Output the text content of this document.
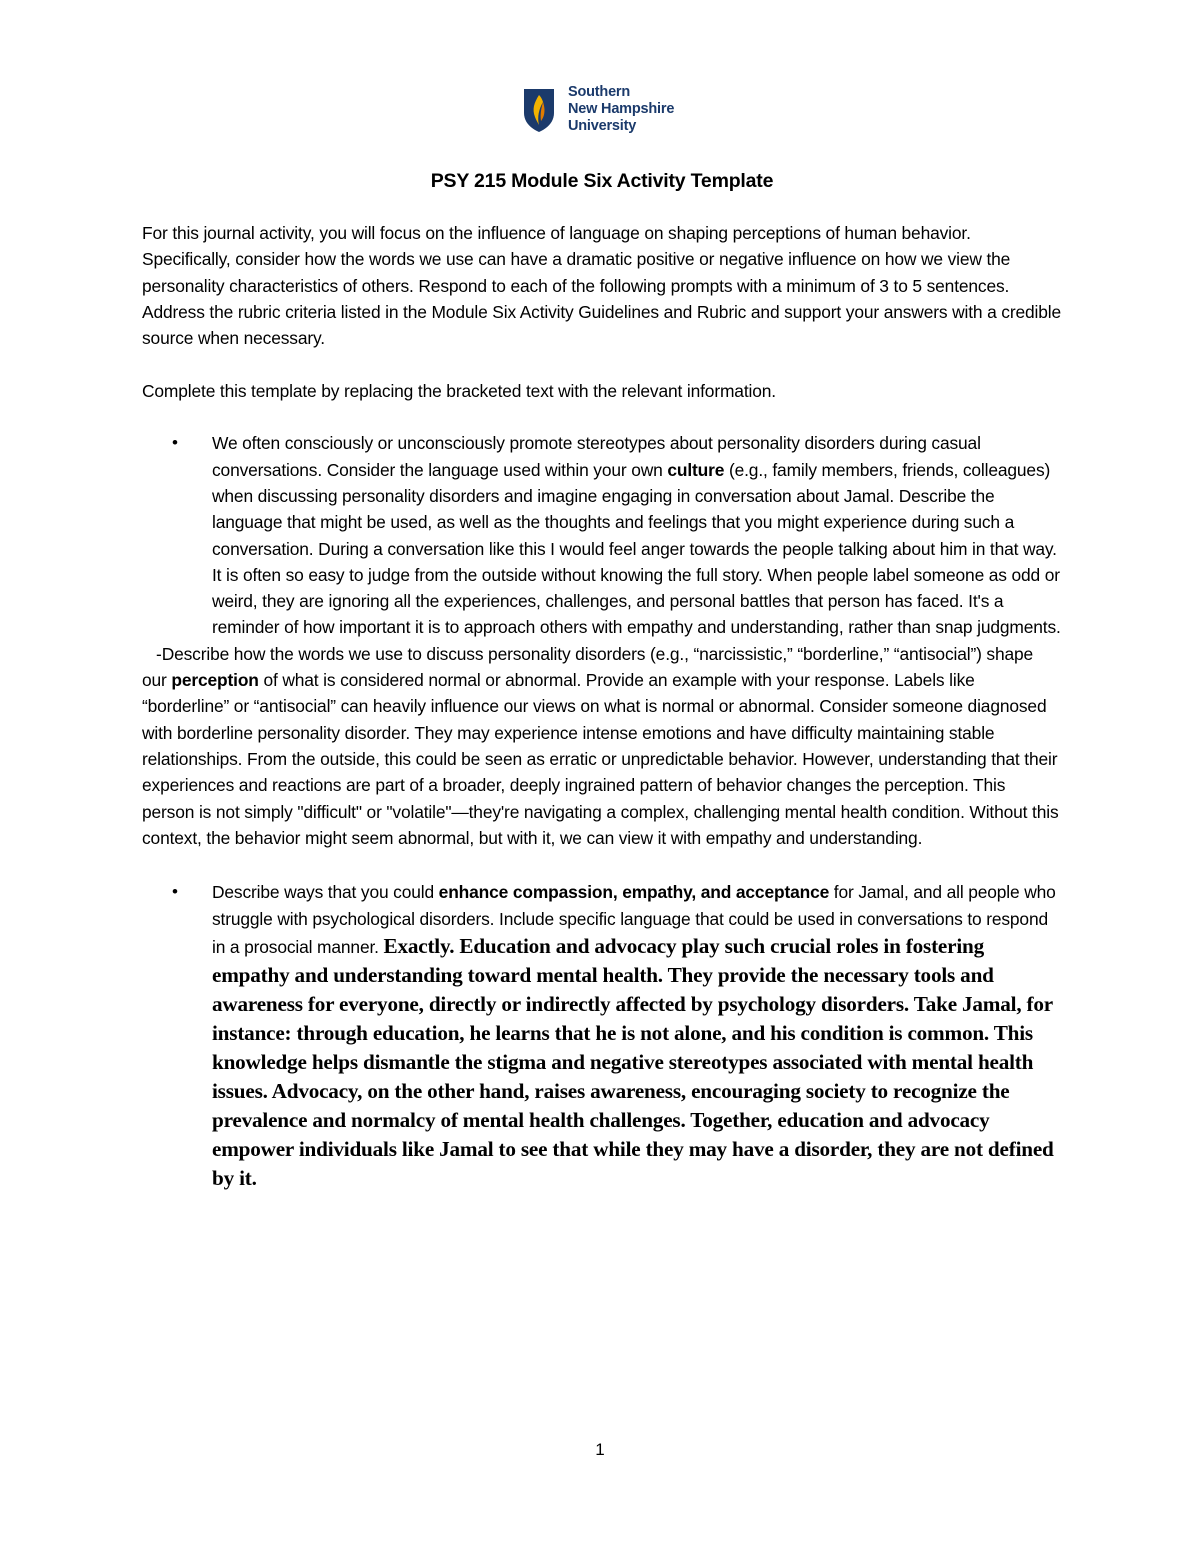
Southern
New Hampshire
University
PSY 215 Module Six Activity Template

For this journal activity, you will focus on the influence of language on shaping perceptions of human behavior. Specifically, consider how the words we use can have a dramatic positive or negative influence on how we view the personality characteristics of others. Respond to each of the following prompts with a minimum of 3 to 5 sentences. Address the rubric criteria listed in the Module Six Activity Guidelines and Rubric and support your answers with a credible source when necessary.

Complete this template by replacing the bracketed text with the relevant information.

• We often consciously or unconsciously promote stereotypes about personality disorders during casual conversations. Consider the language used within your own culture (e.g., family members, friends, colleagues) when discussing personality disorders and imagine engaging in conversation about Jamal. Describe the language that might be used, as well as the thoughts and feelings that you might experience during such a conversation. During a conversation like this I would feel anger towards the people talking about him in that way. It is often so easy to judge from the outside without knowing the full story. When people label someone as odd or weird, they are ignoring all the experiences, challenges, and personal battles that person has faced. It's a reminder of how important it is to approach others with empathy and understanding, rather than snap judgments.

-Describe how the words we use to discuss personality disorders (e.g., “narcissistic,” “borderline,” “antisocial”) shape our perception of what is considered normal or abnormal. Provide an example with your response. Labels like “borderline” or “antisocial” can heavily influence our views on what is normal or abnormal. Consider someone diagnosed with borderline personality disorder. They may experience intense emotions and have difficulty maintaining stable relationships. From the outside, this could be seen as erratic or unpredictable behavior. However, understanding that their experiences and reactions are part of a broader, deeply ingrained pattern of behavior changes the perception. This person is not simply "difficult" or "volatile"—they're navigating a complex, challenging mental health condition. Without this context, the behavior might seem abnormal, but with it, we can view it with empathy and understanding.

• Describe ways that you could enhance compassion, empathy, and acceptance for Jamal, and all people who struggle with psychological disorders. Include specific language that could be used in conversations to respond in a prosocial manner. Exactly. Education and advocacy play such crucial roles in fostering empathy and understanding toward mental health. They provide the necessary tools and awareness for everyone, directly or indirectly affected by psychology disorders. Take Jamal, for instance: through education, he learns that he is not alone, and his condition is common. This knowledge helps dismantle the stigma and negative stereotypes associated with mental health issues. Advocacy, on the other hand, raises awareness, encouraging society to recognize the prevalence and normalcy of mental health challenges. Together, education and advocacy empower individuals like Jamal to see that while they may have a disorder, they are not defined by it.
1
